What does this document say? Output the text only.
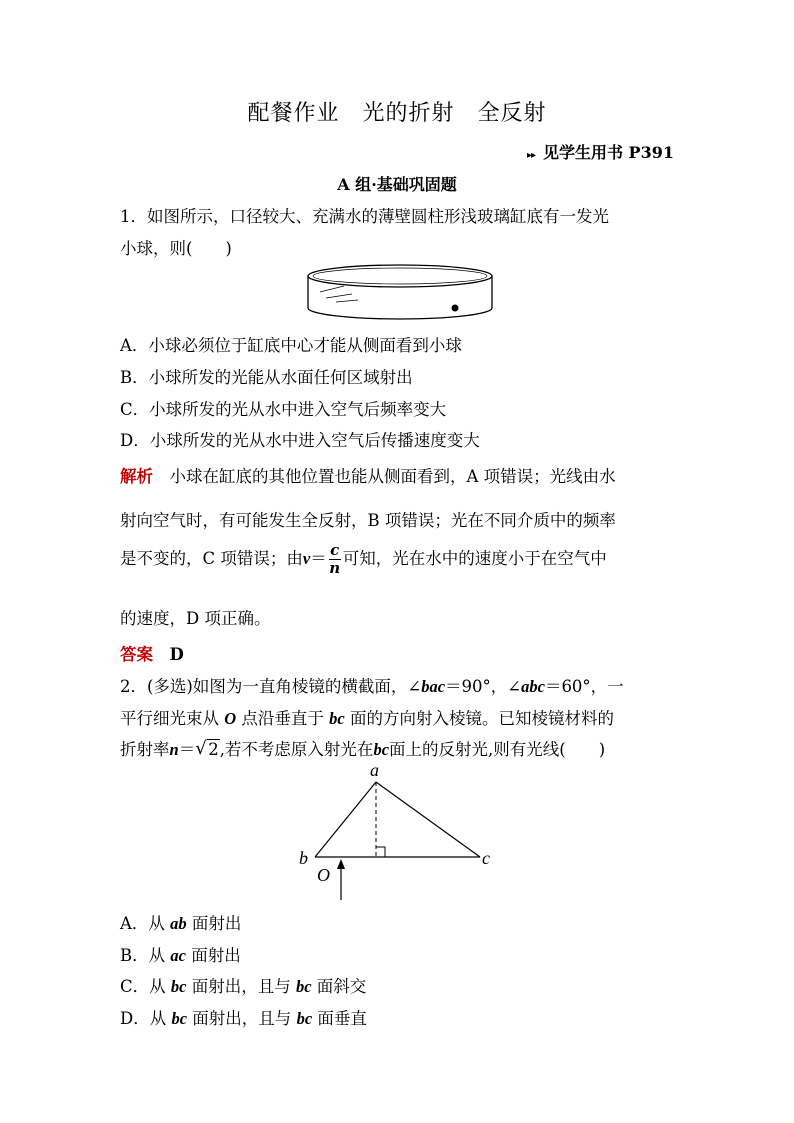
配餐作业　光的折射　全反射
▸▸ 见学生用书 P391
A 组·基础巩固题
1．如图所示，口径较大、充满水的薄壁圆柱形浅玻璃缸底有一发光
小球，则(　　)
A．小球必须位于缸底中心才能从侧面看到小球
B．小球所发的光能从水面任何区域射出
C．小球所发的光从水中进入空气后频率变大
D．小球所发的光从水中进入空气后传播速度变大
解析　小球在缸底的其他位置也能从侧面看到，A 项错误；光线由水
射向空气时，有可能发生全反射，B 项错误；光在不同介质中的频率
是不变的，C 项错误；由$v= \frac{c}{n}$ 可知，光在水中的速度小于在空气中
的速度，D 项正确。
答案　 D
2．(多选)如图为一直角棱镜的横截面，∠bac＝90°，∠abc＝60°，一
平行细光束从 O 点沿垂直于 bc 面的方向射入棱镜。已知棱镜材料的
折射率n＝ √ 2,若不考虑原入射光在bc面上的反射光,则有光线(　　)
a
b	c
O
A．从 ab 面射出
B．从 ac 面射出
C．从 bc 面射出，且与 bc 面斜交
D．从 bc 面射出，且与 bc 面垂直
